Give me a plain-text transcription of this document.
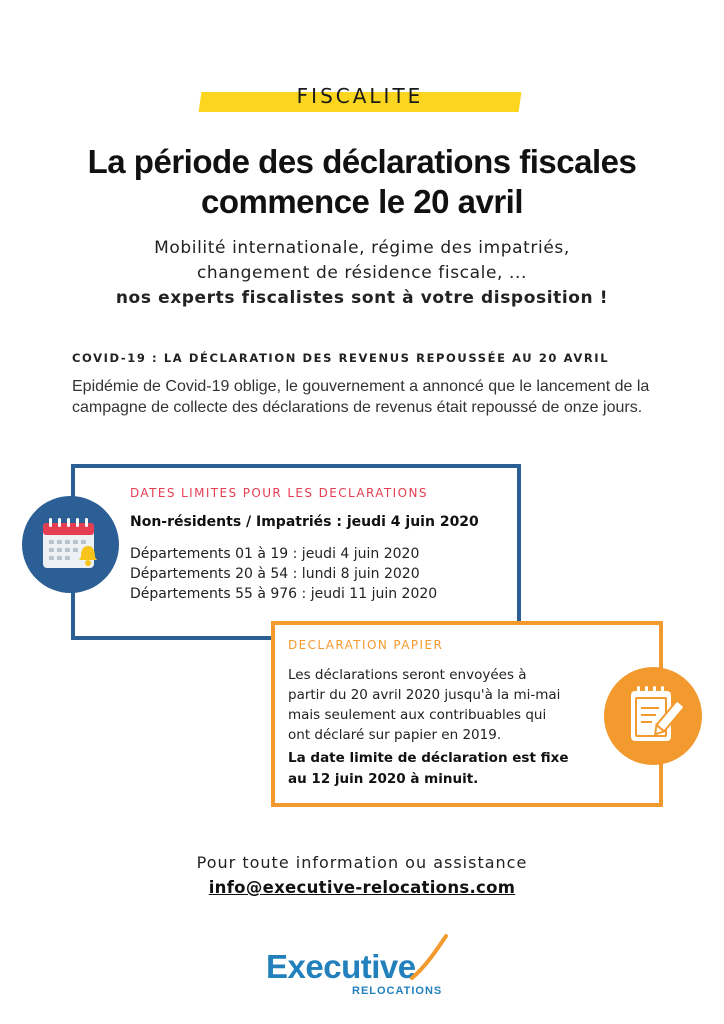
FISCALITE
La période des déclarations fiscales
commence le 20 avril
Mobilité internationale, régime des impatriés,
changement de résidence fiscale, ...
nos experts fiscalistes sont à votre disposition !
COVID-19 : LA DÉCLARATION DES REVENUS REPOUSSÉE AU 20 AVRIL
Epidémie de Covid-19 oblige, le gouvernement a annoncé que le lancement de la campagne de collecte des déclarations de revenus était repoussé de onze jours.
DATES LIMITES POUR LES DECLARATIONS
Non-résidents / Impatriés : jeudi 4 juin 2020
Départements 01 à 19 : jeudi 4 juin 2020
Départements 20 à 54 : lundi 8 juin 2020
Départements 55 à 976 : jeudi 11 juin 2020
DECLARATION PAPIER
Les déclarations seront envoyées à
partir du 20 avril 2020 jusqu'à la mi-mai
mais seulement aux contribuables qui
ont déclaré sur papier en 2019.
La date limite de déclaration est fixe
au 12 juin 2020 à minuit.
Pour toute information ou assistance
info@executive-relocations.com
Executive
RELOCATIONS
